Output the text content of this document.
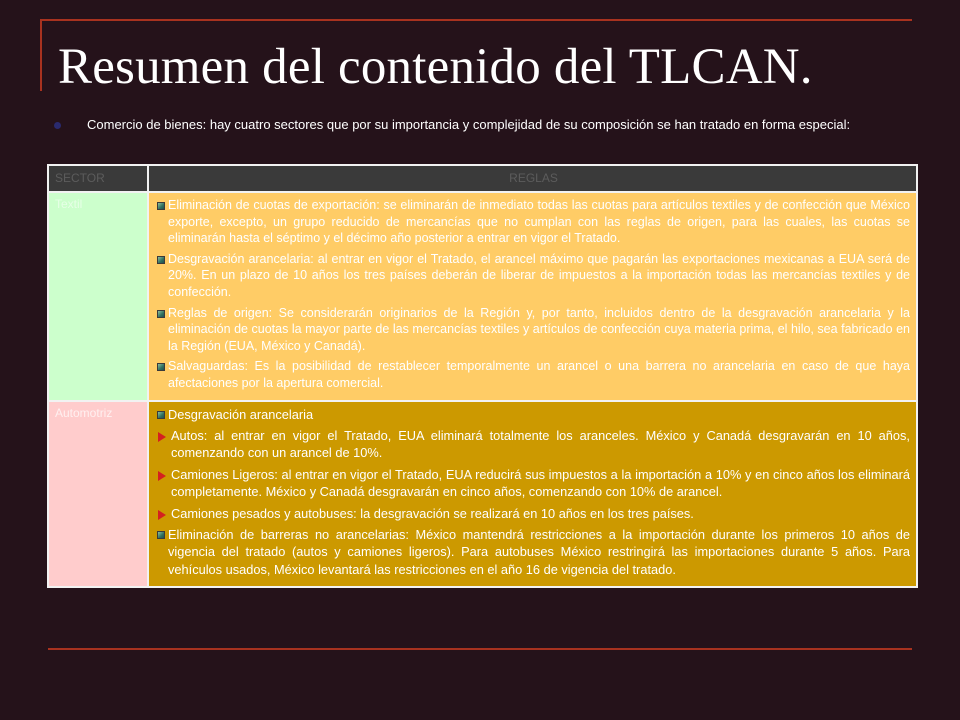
Resumen del contenido del TLCAN.
Comercio de bienes: hay cuatro sectores que por su importancia y complejidad de su composición se han tratado en forma especial:
SECTOR	REGLAS
Textil	Eliminación de cuotas de exportación: se eliminarán de inmediato todas las cuotas para artículos textiles y de confección que México exporte, excepto, un grupo reducido de mercancías que no cumplan con las reglas de origen, para las cuales, las cuotas se eliminarán hasta el séptimo y el décimo año posterior a entrar en vigor el Tratado.
Desgravación arancelaria: al entrar en vigor el Tratado, el arancel máximo que pagarán las exportaciones mexicanas a EUA será de 20%. En un plazo de 10 años los tres países deberán de liberar de impuestos a la importación todas las mercancías textiles y de confección.
Reglas de origen: Se considerarán originarios de la Región y, por tanto, incluidos dentro de la desgravación arancelaria y la eliminación de cuotas la mayor parte de las mercancías textiles y artículos de confección cuya materia prima, el hilo, sea fabricado en la Región (EUA, México y Canadá).
Salvaguardas: Es la posibilidad de restablecer temporalmente un arancel o una barrera no arancelaria en caso de que haya afectaciones por la apertura comercial.
Automotriz	Desgravación arancelaria
Autos: al entrar en vigor el Tratado, EUA eliminará totalmente los aranceles. México y Canadá desgravarán en 10 años, comenzando con un arancel de 10%.
Camiones Ligeros: al entrar en vigor el Tratado, EUA reducirá sus impuestos a la importación a 10% y en cinco años los eliminará completamente. México y Canadá desgravarán en cinco años, comenzando con 10% de arancel.
Camiones pesados y autobuses: la desgravación se realizará en 10 años en los tres países.
Eliminación de barreras no arancelarias: México mantendrá restricciones a la importación durante los primeros 10 años de vigencia del tratado (autos y camiones ligeros). Para autobuses México restringirá las importaciones durante 5 años. Para vehículos usados, México levantará las restricciones en el año 16 de vigencia del tratado.
